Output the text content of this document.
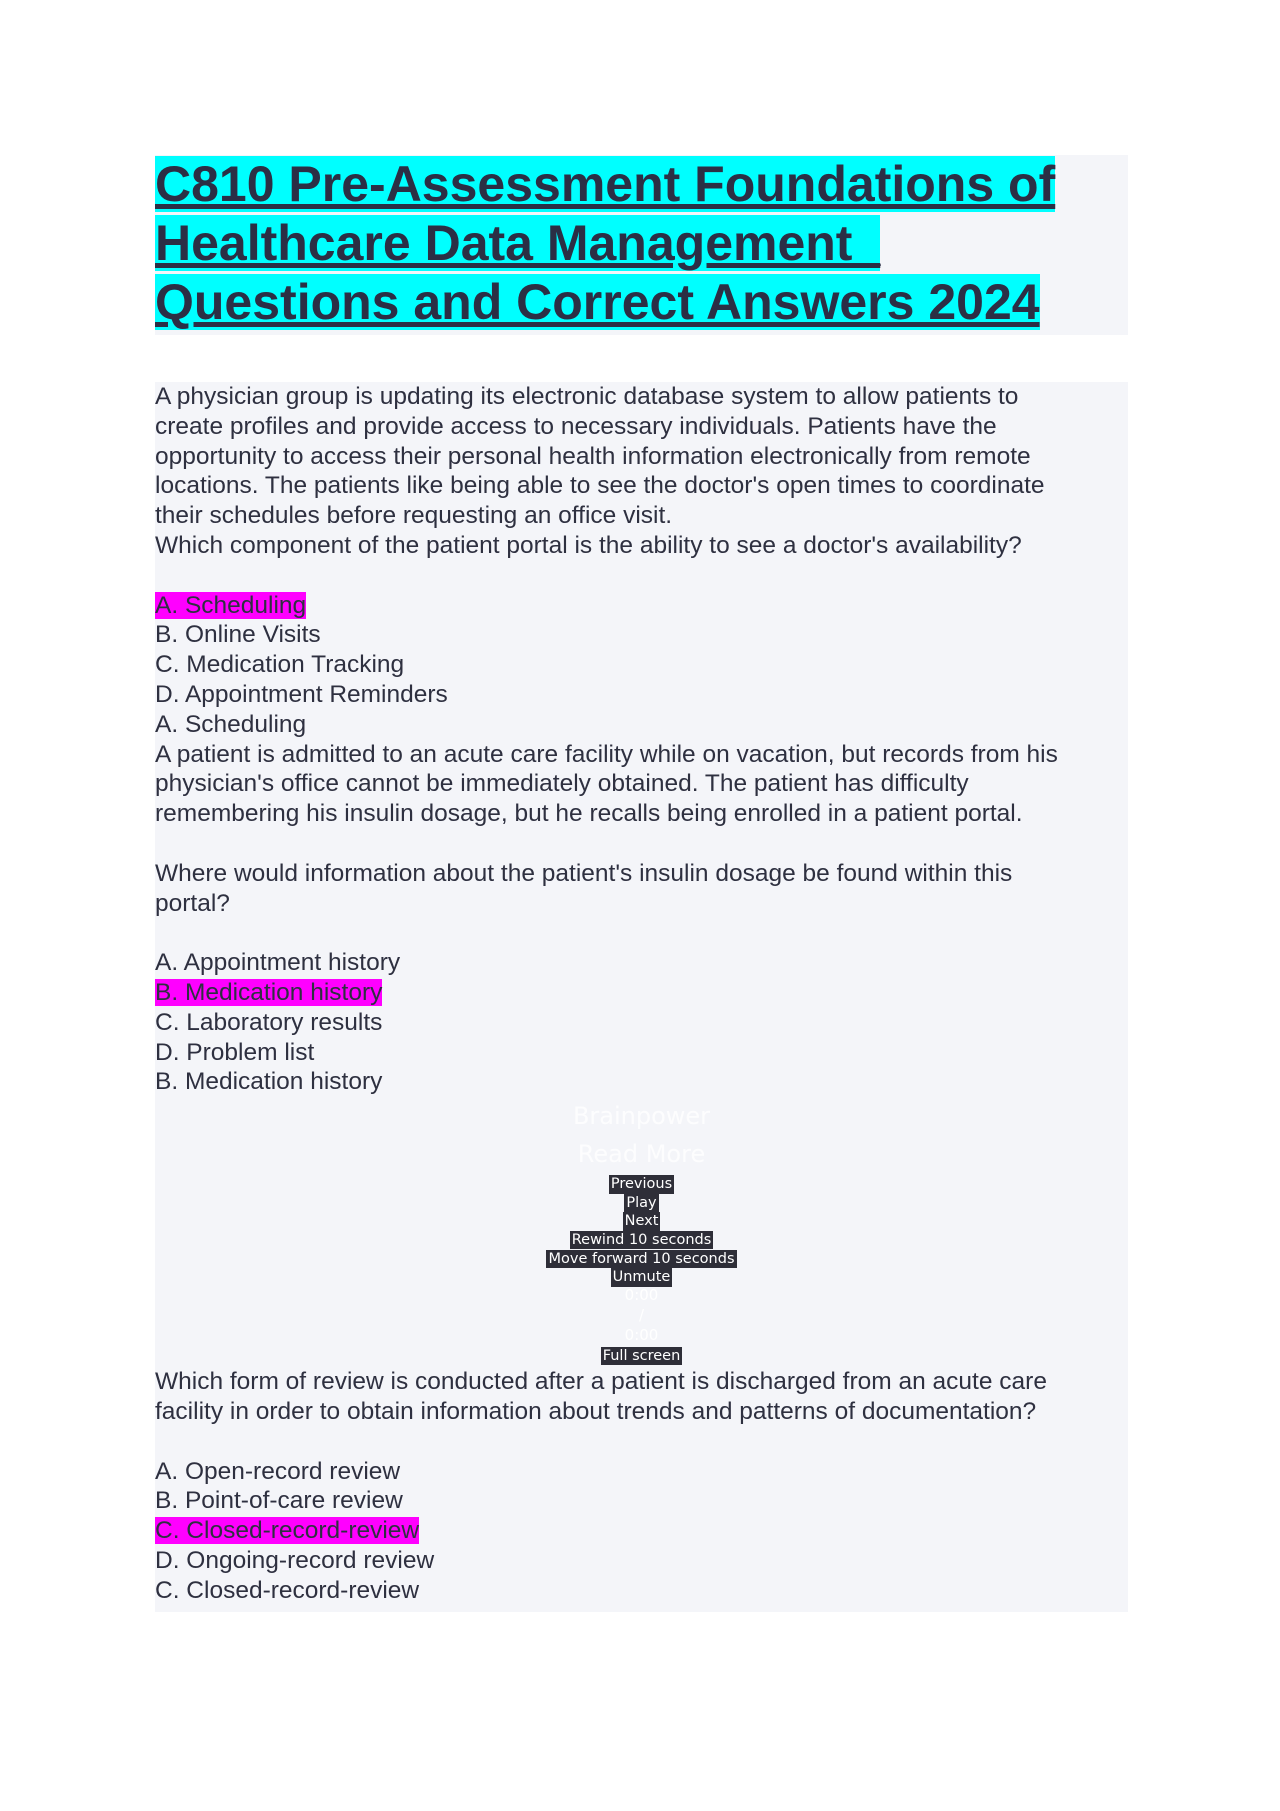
C810 Pre-Assessment Foundations of
Healthcare Data Management_
Questions and Correct Answers 2024
A physician group is updating its electronic database system to allow patients to
create profiles and provide access to necessary individuals. Patients have the
opportunity to access their personal health information electronically from remote
locations. The patients like being able to see the doctor's open times to coordinate
their schedules before requesting an office visit.
Which component of the patient portal is the ability to see a doctor's availability?
A. Scheduling
B. Online Visits
C. Medication Tracking
D. Appointment Reminders
A. Scheduling
A patient is admitted to an acute care facility while on vacation, but records from his
physician's office cannot be immediately obtained. The patient has difficulty
remembering his insulin dosage, but he recalls being enrolled in a patient portal.
Where would information about the patient's insulin dosage be found within this
portal?
A. Appointment history
B. Medication history
C. Laboratory results
D. Problem list
B. Medication history
Brainpower
Read More
Previous
Play
Next
Rewind 10 seconds
Move forward 10 seconds
Unmute
0:00
/
0:00
Full screen
Which form of review is conducted after a patient is discharged from an acute care
facility in order to obtain information about trends and patterns of documentation?
A. Open-record review
B. Point-of-care review
C. Closed-record-review
D. Ongoing-record review
C. Closed-record-review
